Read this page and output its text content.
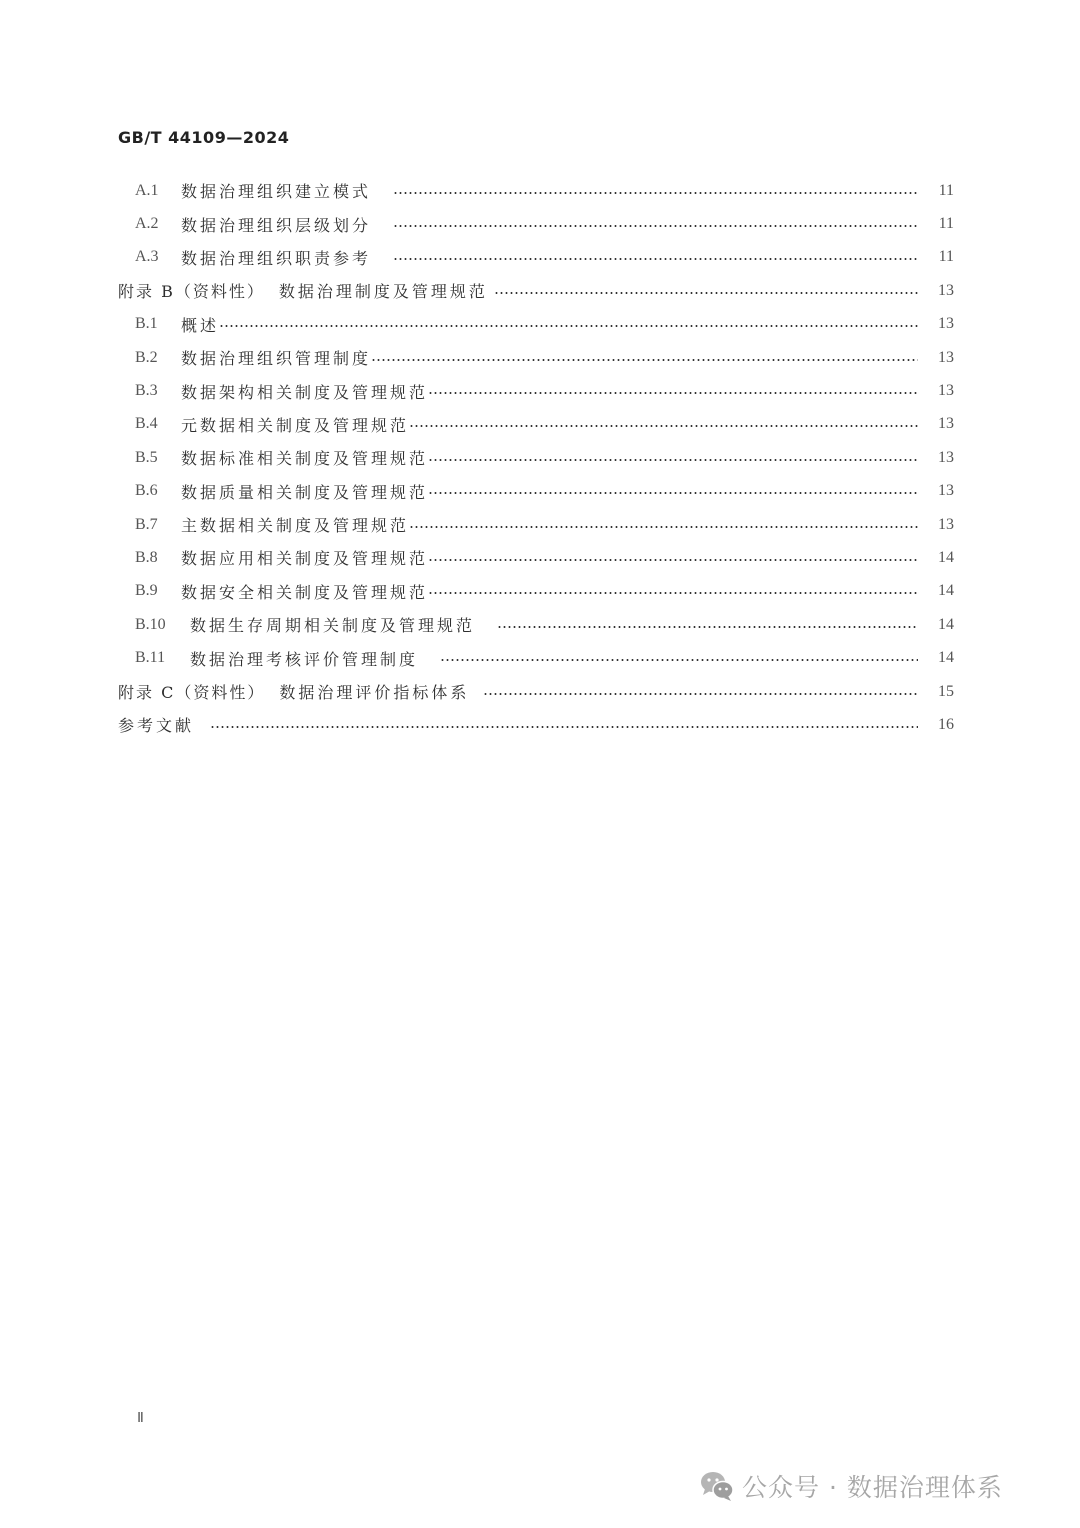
GB/T 44109—2024
A.1	数据治理组织建立模式	11
A.2	数据治理组织层级划分	11
A.3	数据治理组织职责参考	11
附录 B（资料性） 数据治理制度及管理规范	13
B.1	概述	13
B.2	数据治理组织管理制度	13
B.3	数据架构相关制度及管理规范	13
B.4	元数据相关制度及管理规范	13
B.5	数据标准相关制度及管理规范	13
B.6	数据质量相关制度及管理规范	13
B.7	主数据相关制度及管理规范	13
B.8	数据应用相关制度及管理规范	14
B.9	数据安全相关制度及管理规范	14
B.10	数据生存周期相关制度及管理规范	14
B.11	数据治理考核评价管理制度	14
附录 C（资料性） 数据治理评价指标体系	15
参考文献	16
Ⅱ
公众号 · 数据治理体系
